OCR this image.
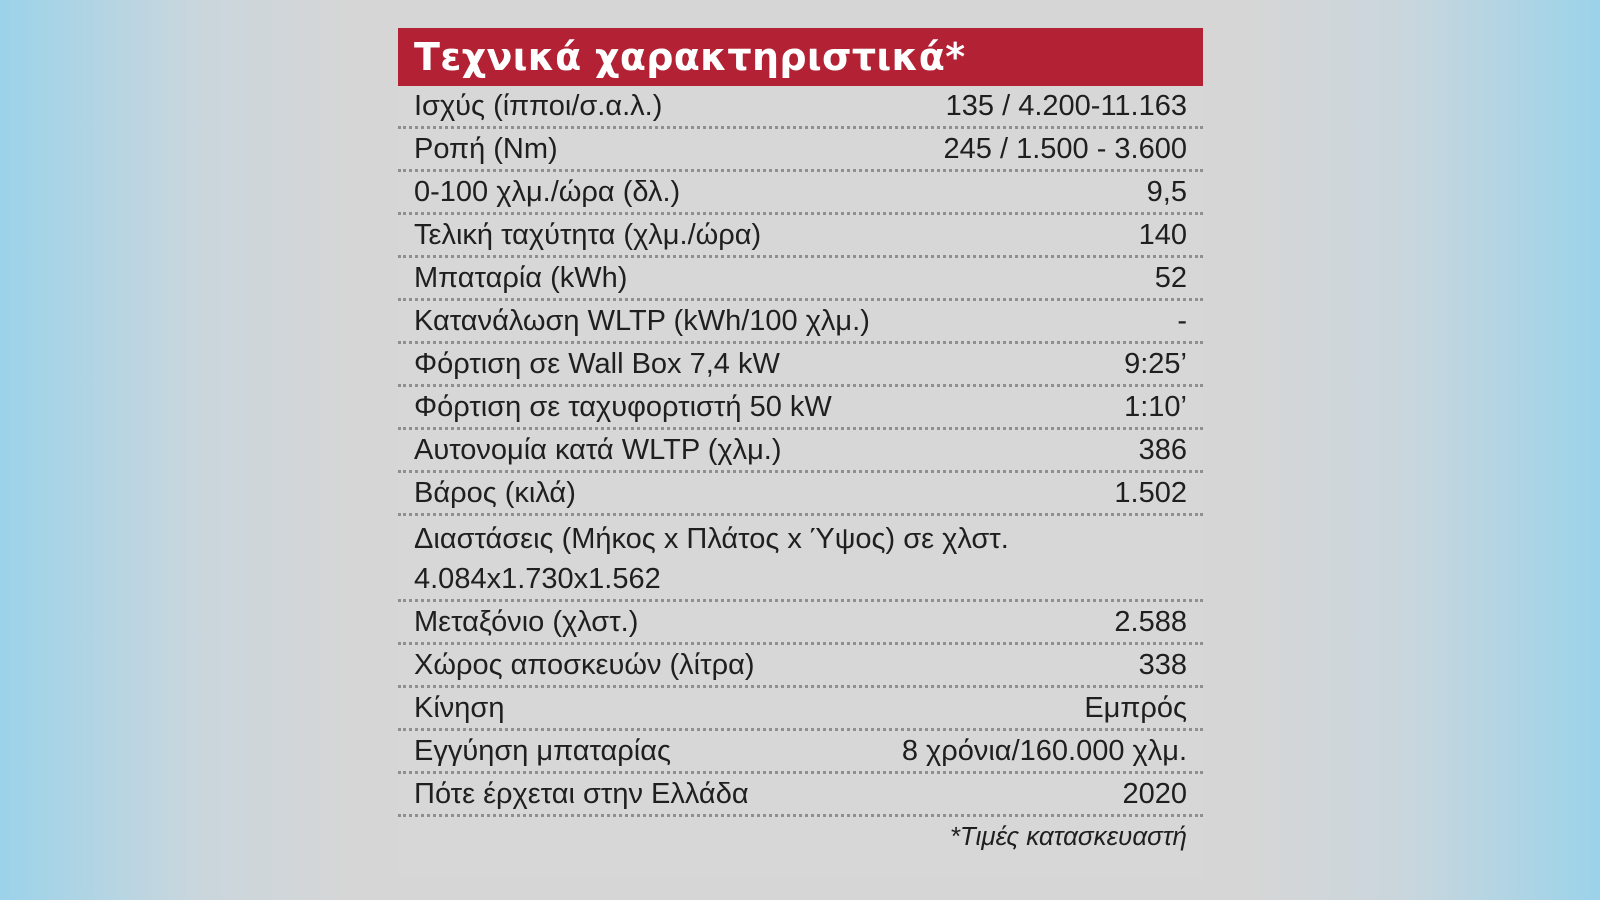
Τεχνικά χαρακτηριστικά*
Ισχύς (ίπποι/σ.α.λ.)	135 / 4.200-11.163
Ροπή (Nm)	245 / 1.500 - 3.600
0-100 χλμ./ώρα (δλ.)	9,5
Τελική ταχύτητα (χλμ./ώρα)	140
Μπαταρία (kWh)	52
Κατανάλωση WLTP (kWh/100 χλμ.)	-
Φόρτιση σε Wall Box 7,4 kW	9:25’
Φόρτιση σε ταχυφορτιστή 50 kW	1:10’
Αυτονομία κατά WLTP (χλμ.)	386
Βάρος (κιλά)	1.502
Διαστάσεις (Μήκος x Πλάτος x Ύψος) σε χλστ.
4.084x1.730x1.562
Μεταξόνιο (χλστ.)	2.588
Χώρος αποσκευών (λίτρα)	338
Κίνηση	Εμπρός
Εγγύηση μπαταρίας	8 χρόνια/160.000 χλμ.
Πότε έρχεται στην Ελλάδα	2020
*Τιμές κατασκευαστή
